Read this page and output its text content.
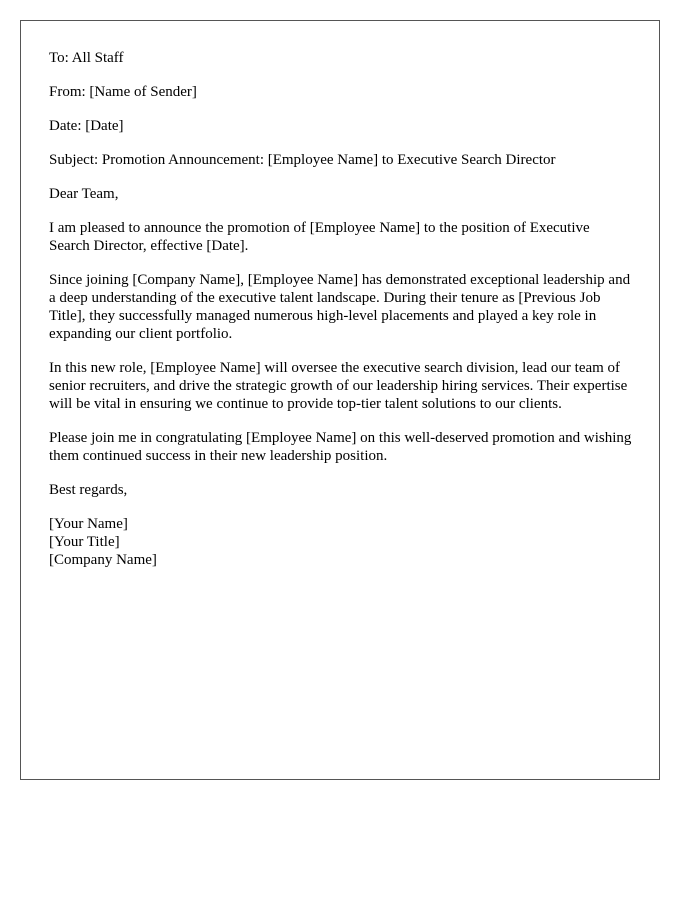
To: All Staff

From: [Name of Sender]

Date: [Date]

Subject: Promotion Announcement: [Employee Name] to Executive Search Director

Dear Team,

I am pleased to announce the promotion of [Employee Name] to the position of Executive Search Director, effective [Date].

Since joining [Company Name], [Employee Name] has demonstrated exceptional leadership and a deep understanding of the executive talent landscape. During their tenure as [Previous Job Title], they successfully managed numerous high-level placements and played a key role in expanding our client portfolio.

In this new role, [Employee Name] will oversee the executive search division, lead our team of senior recruiters, and drive the strategic growth of our leadership hiring services. Their expertise will be vital in ensuring we continue to provide top-tier talent solutions to our clients.

Please join me in congratulating [Employee Name] on this well-deserved promotion and wishing them continued success in their new leadership position.

Best regards,

[Your Name]
[Your Title]
[Company Name]
